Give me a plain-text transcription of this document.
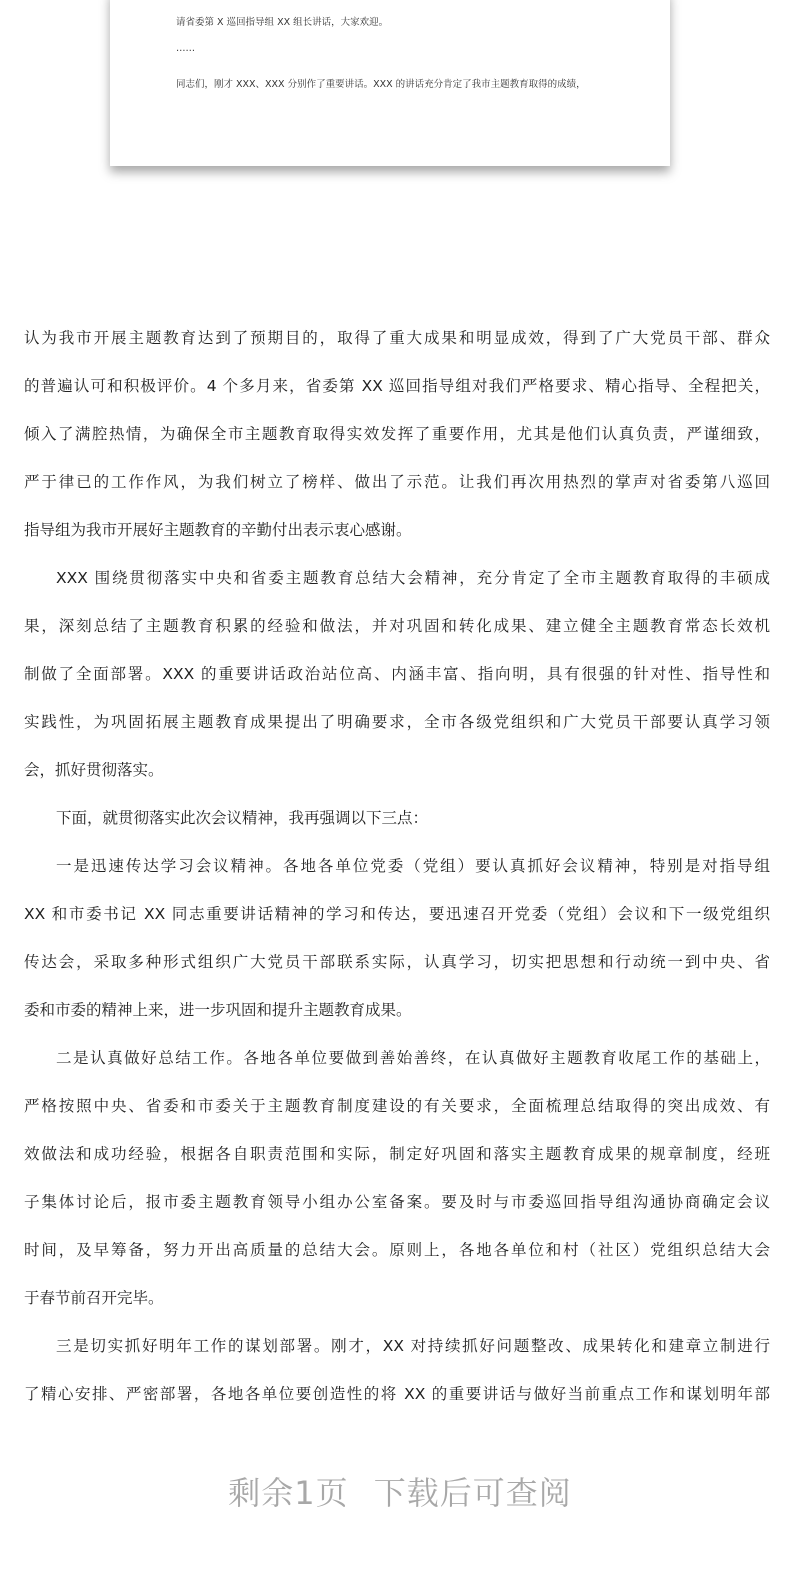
请省委第 X 巡回指导组 XX 组长讲话，大家欢迎。
……
同志们，刚才 XXX、XXX 分别作了重要讲话。XXX 的讲话充分肯定了我市主题教育取得的成绩，
认为我市开展主题教育达到了预期目的，取得了重大成果和明显成效，得到了广大党员干部、群众
的普遍认可和积极评价。4 个多月来，省委第 XX 巡回指导组对我们严格要求、精心指导、全程把关，
倾入了满腔热情，为确保全市主题教育取得实效发挥了重要作用，尤其是他们认真负责，严谨细致，
严于律已的工作作风，为我们树立了榜样、做出了示范。让我们再次用热烈的掌声对省委第八巡回
指导组为我市开展好主题教育的辛勤付出表示衷心感谢。
XXX 围绕贯彻落实中央和省委主题教育总结大会精神，充分肯定了全市主题教育取得的丰硕成
果，深刻总结了主题教育积累的经验和做法，并对巩固和转化成果、建立健全主题教育常态长效机
制做了全面部署。XXX 的重要讲话政治站位高、内涵丰富、指向明，具有很强的针对性、指导性和
实践性，为巩固拓展主题教育成果提出了明确要求，全市各级党组织和广大党员干部要认真学习领
会，抓好贯彻落实。
下面，就贯彻落实此次会议精神，我再强调以下三点：
一是迅速传达学习会议精神。各地各单位党委（党组）要认真抓好会议精神，特别是对指导组
XX 和市委书记 XX 同志重要讲话精神的学习和传达，要迅速召开党委（党组）会议和下一级党组织
传达会，采取多种形式组织广大党员干部联系实际，认真学习，切实把思想和行动统一到中央、省
委和市委的精神上来，进一步巩固和提升主题教育成果。
二是认真做好总结工作。各地各单位要做到善始善终，在认真做好主题教育收尾工作的基础上，
严格按照中央、省委和市委关于主题教育制度建设的有关要求，全面梳理总结取得的突出成效、有
效做法和成功经验，根据各自职责范围和实际，制定好巩固和落实主题教育成果的规章制度，经班
子集体讨论后，报市委主题教育领导小组办公室备案。要及时与市委巡回指导组沟通协商确定会议
时间，及早筹备，努力开出高质量的总结大会。原则上，各地各单位和村（社区）党组织总结大会
于春节前召开完毕。
三是切实抓好明年工作的谋划部署。刚才，XX 对持续抓好问题整改、成果转化和建章立制进行
了精心安排、严密部署，各地各单位要创造性的将 XX 的重要讲话与做好当前重点工作和谋划明年部
剩余1页 下载后可查阅
